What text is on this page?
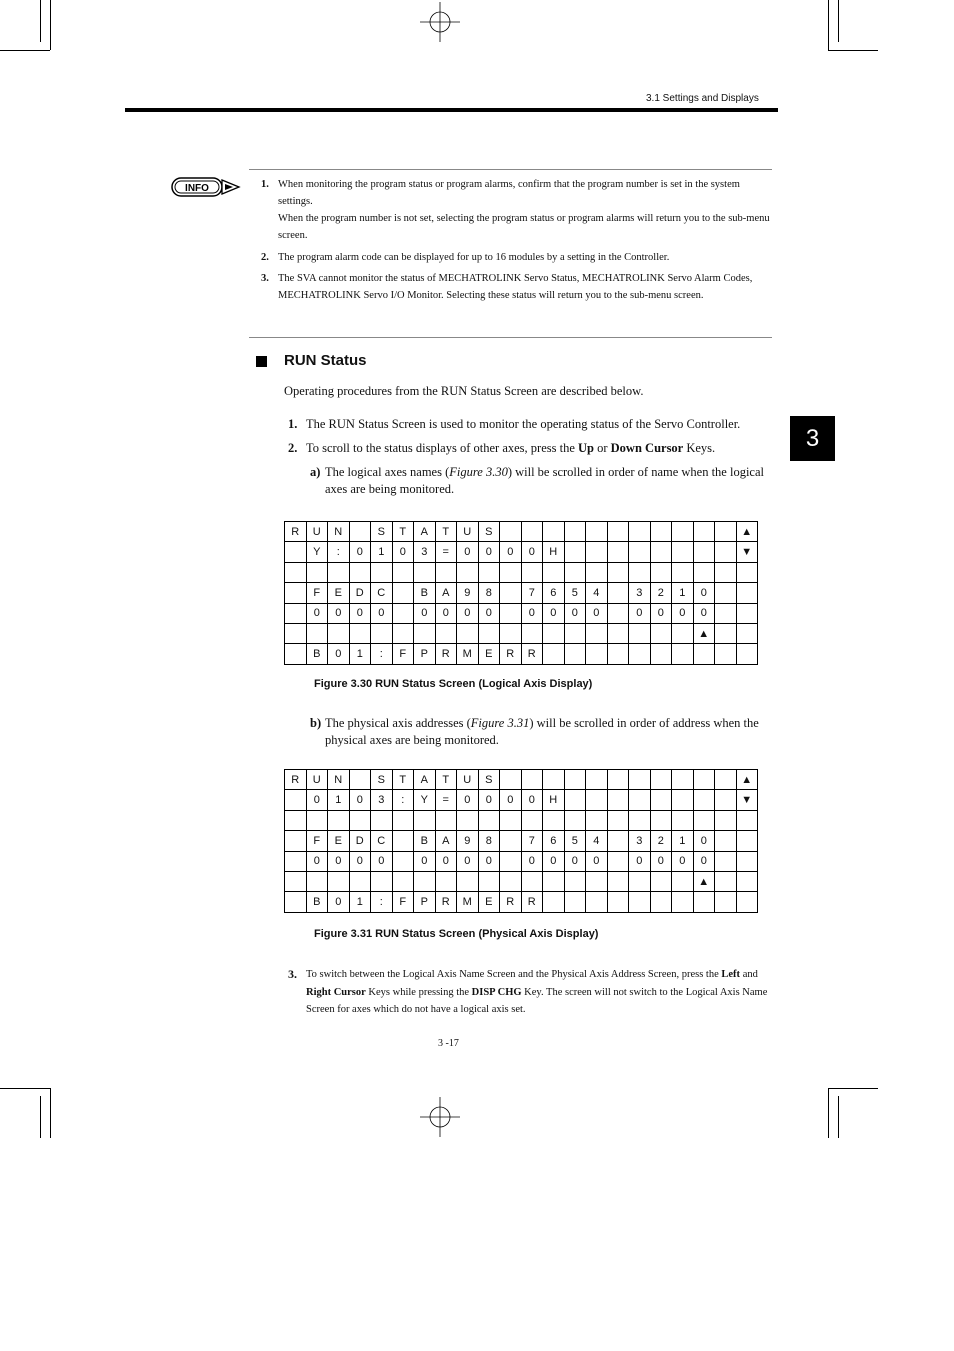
3.1 Settings and Displays
3
INFO	1. When monitoring the program status or program alarms, confirm that the program number is set in the system settings.
When the program number is not set, selecting the program status or program alarms will return you to the sub-menu screen.
2. The program alarm code can be displayed for up to 16 modules by a setting in the Controller.
3. The SVA cannot monitor the status of MECHATROLINK Servo Status, MECHATROLINK Servo Alarm Codes, MECHATROLINK Servo I/O Monitor. Selecting these status will return you to the sub-menu screen.
RUN Status
Operating procedures from the RUN Status Screen are described below.
1. The RUN Status Screen is used to monitor the operating status of the Servo Controller.
2. To scroll to the status displays of other axes, press the Up or Down Cursor Keys.
a) The logical axes names (Figure 3.30) will be scrolled in order of name when the logical axes are being monitored.
R	U	N		S	T	A	T	U	S												▲
	Y	:	0	1	0	3	=	0	0	0	0	H									▼

	F	E	D	C		B	A	9	8		7	6	5	4		3	2	1	0		
	0	0	0	0		0	0	0	0		0	0	0	0		0	0	0	0		
																			▲		
	B	0	1	:	F	P	R	M	E	R	R										
Figure 3.30 RUN Status Screen (Logical Axis Display)
b) The physical axis addresses (Figure 3.31) will be scrolled in order of address when the physical axes are being monitored.
R	U	N		S	T	A	T	U	S												▲
	0	1	0	3	:	Y	=	0	0	0	0	H									▼

	F	E	D	C		B	A	9	8		7	6	5	4		3	2	1	0		
	0	0	0	0		0	0	0	0		0	0	0	0		0	0	0	0		
																			▲		
	B	0	1	:	F	P	R	M	E	R	R										
Figure 3.31 RUN Status Screen (Physical Axis Display)
3. To switch between the Logical Axis Name Screen and the Physical Axis Address Screen, press the Left and Right Cursor Keys while pressing the DISP CHG Key. The screen will not switch to the Logical Axis Name Screen for axes which do not have a logical axis set.
3 -17
